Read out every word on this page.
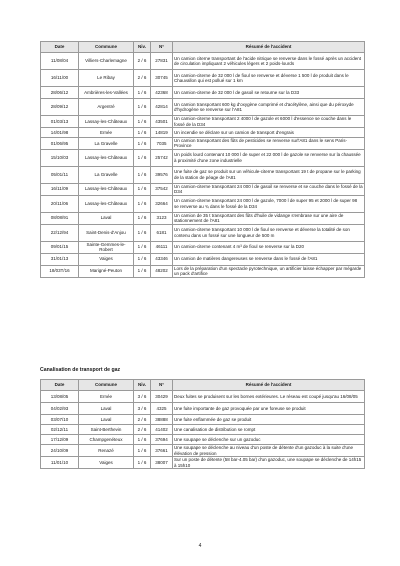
Date	Commune	Niv.	N°	Résumé de l'accident
11/08/04	Villiers-Charlemagne	2 / 6	27831	Un camion citerne transportant de l'acide nitrique se renverse dans le fossé après un accident de circulation impliquant 2 véhicules légers et 2 poids-lourds
16/11/00	Le Ribay	2 / 6	30745	Un camion-citerne de 32 000 l de fioul se renverse et déverse 1 500 l de produit dans le Chauvallon qui est pollué sur 1 km
28/06/12	Ambrières-les-Vallées	1 / 6	42368	Un camion-citerne de 32 000 l de gasoil se retourne sur la D33
28/09/12	Argentré	1 / 6	42814	Un camion transportant 600 kg d'oxygène comprimé et d'acétylène, ainsi que du péroxyde d'hydrogène se renverse sur l'A81
01/03/13	Lassay-les-Châteaux	1 / 6	43501	Un camion-citerne transportant 2 4000 l de gazole et 6000 l d'essence se couche dans le fossé de la D34
14/01/98	Ernée	1 / 6	14819	Un incendie se déclare sur un camion de transport d'engrais
01/06/95	La Gravelle	1 / 6	7035	Un camion transportant des fûts de pesticides se renverse surl'A81 dans le sens Paris-Province
15/10/03	Lassay-les-Châteaux	1 / 6	25742	Un poids lourd contenant 10 000 l de super et 22 000 l de gazole se renverse sur la chaussée à proximité d'une zone industrielle
05/01/11	La Gravelle	1 / 6	39576	Une fuite de gaz se produit sur un véhicule-citerne transportant 19 t de propane sur le parking de la station de péage de l'A81
16/11/09	Lassay-les-Châteaux	1 / 6	37542	Un camion-citerne transportant 24 000 l de gasoil se renverse et se couche dans le fossé de la D34
20/11/06	Lassay-les-Châteaux	1 / 6	32664	Un camion-citerne transportant 24 000 l de gazole, 7000 l de super 95 et 2000 l de super 98 se renverse au ¾ dans le fossé de la D34
08/08/91	Laval	1 / 6	3123	Un camion de 35 t transportant des fûts d'huile de vidange s'embrase sur une aire de stationnement de l'A81
22/12/94	Saint-Denis-d'Anjou	1 / 6	6181	Un camion-citerne transportant 10 000 l de fioul se renverse et déverse la totalité de son contenu dans un fossé sur une longueur de 500 m
09/01/15	Sainte-Gemmes-le-Robert	1 / 6	46111	Un camion-citerne contenant 4 m³ de fioul se renverse sur la D20
31/01/13	Vaiges	1 / 6	43346	Un camion de matières dangereuses se renverse dans le fossé de l'A81
18/03T/16	Marigné-Peuton	1 / 6	48202	Lors de la préparation d'un spectacle pyrotechnique, un artificier laisse échapper par mégarde un pack d'artifice
Canalisation de transport de gaz
Date	Commune	Niv.	N°	Résumé de l'accident
13/08/05	Ernée	3 / 6	30429	Deux fuites se produisent sur les bornes extérieures. Le réseau est coupé jusqu'au 16/08/05
04/02/93	Laval	3 / 6	4325	Une fuite importante de gaz provoquée par une foreuse se produit
03/07/10	Laval	2 / 6	38888	Une fuite enflammée de gaz se produit
02/12/11	Saint-Berthevin	2 / 6	41402	Une canalisation de distribution se rompt
17/12/09	Champgenéteux	1 / 6	37694	Une soupape se déclenche sur un gazoduc
24/10/09	Renazé	1 / 6	37661	Une soupape se déclenche au niveau d'un poste de détente d'un gazoduc à la suite d'une élévation de pression
11/01/10	Vaiges	1 / 6	38007	Sur un poste de détente (58 bar-4.05 bar) d'un gazoduc, une soupape se déclenche de 14h15 à 15h10
4
